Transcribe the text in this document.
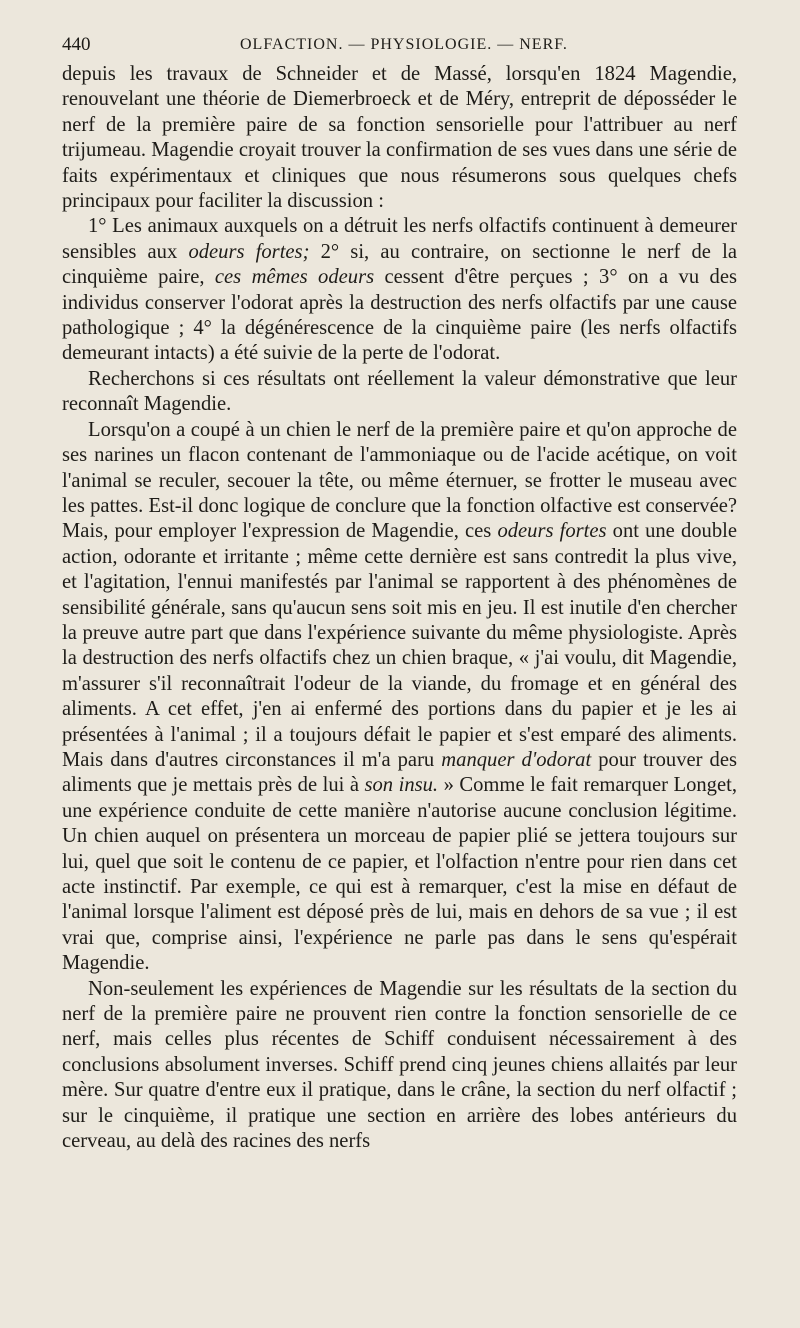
440	OLFACTION. — PHYSIOLOGIE. — NERF.

depuis les travaux de Schneider et de Massé, lorsqu'en 1824 Magendie, renouvelant une théorie de Diemerbroeck et de Méry, entreprit de déposséder le nerf de la première paire de sa fonction sensorielle pour l'attribuer au nerf trijumeau. Magendie croyait trouver la confirmation de ses vues dans une série de faits expérimentaux et cliniques que nous résumerons sous quelques chefs principaux pour faciliter la discussion :

1° Les animaux auxquels on a détruit les nerfs olfactifs continuent à demeurer sensibles aux odeurs fortes; 2° si, au contraire, on sectionne le nerf de la cinquième paire, ces mêmes odeurs cessent d'être perçues ; 3° on a vu des individus conserver l'odorat après la destruction des nerfs olfactifs par une cause pathologique ; 4° la dégénérescence de la cinquième paire (les nerfs olfactifs demeurant intacts) a été suivie de la perte de l'odorat.

Recherchons si ces résultats ont réellement la valeur démonstrative que leur reconnaît Magendie.

Lorsqu'on a coupé à un chien le nerf de la première paire et qu'on approche de ses narines un flacon contenant de l'ammoniaque ou de l'acide acétique, on voit l'animal se reculer, secouer la tête, ou même éternuer, se frotter le museau avec les pattes. Est-il donc logique de conclure que la fonction olfactive est conservée? Mais, pour employer l'expression de Magendie, ces odeurs fortes ont une double action, odorante et irritante ; même cette dernière est sans contredit la plus vive, et l'agitation, l'ennui manifestés par l'animal se rapportent à des phénomènes de sensibilité générale, sans qu'aucun sens soit mis en jeu. Il est inutile d'en chercher la preuve autre part que dans l'expérience suivante du même physiologiste. Après la destruction des nerfs olfactifs chez un chien braque, « j'ai voulu, dit Magendie, m'assurer s'il reconnaîtrait l'odeur de la viande, du fromage et en général des aliments. A cet effet, j'en ai enfermé des portions dans du papier et je les ai présentées à l'animal ; il a toujours défait le papier et s'est emparé des aliments. Mais dans d'autres circonstances il m'a paru manquer d'odorat pour trouver des aliments que je mettais près de lui à son insu. » Comme le fait remarquer Longet, une expérience conduite de cette manière n'autorise aucune conclusion légitime. Un chien auquel on présentera un morceau de papier plié se jettera toujours sur lui, quel que soit le contenu de ce papier, et l'olfaction n'entre pour rien dans cet acte instinctif. Par exemple, ce qui est à remarquer, c'est la mise en défaut de l'animal lorsque l'aliment est déposé près de lui, mais en dehors de sa vue ; il est vrai que, comprise ainsi, l'expérience ne parle pas dans le sens qu'espérait Magendie.

Non-seulement les expériences de Magendie sur les résultats de la section du nerf de la première paire ne prouvent rien contre la fonction sensorielle de ce nerf, mais celles plus récentes de Schiff conduisent nécessairement à des conclusions absolument inverses. Schiff prend cinq jeunes chiens allaités par leur mère. Sur quatre d'entre eux il pratique, dans le crâne, la section du nerf olfactif ; sur le cinquième, il pratique une section en arrière des lobes antérieurs du cerveau, au delà des racines des nerfs
